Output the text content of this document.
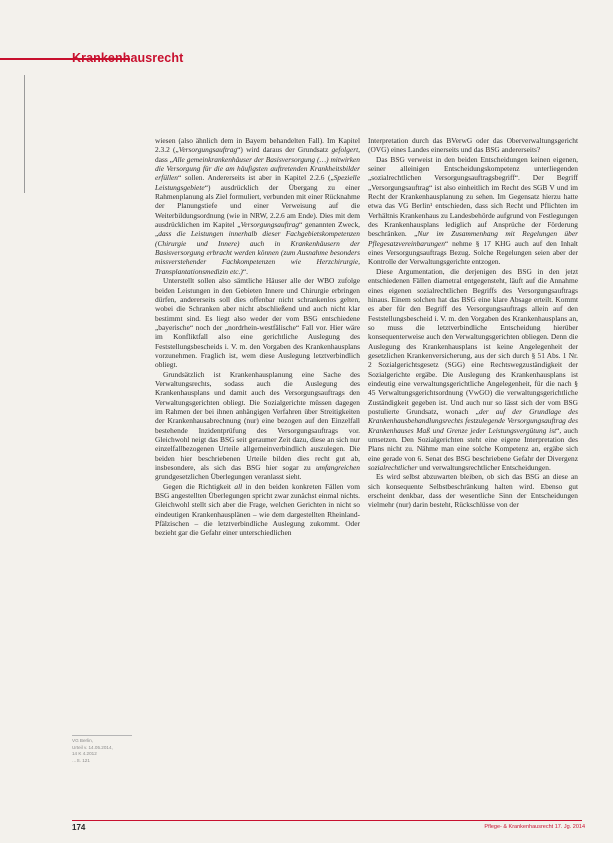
Krankenhausrecht

wiesen (also ähnlich dem in Bayern behandelten Fall). Im Kapitel 2.3.2 („Versorgungsauftrag“) wird daraus der Grundsatz gefolgert, dass „Alle gemeinkrankenhäuser der Basisversorgung (…) mitwirken die Versorgung für die am häufigsten auftretenden Krankheitsbilder erfüllen“ sollen. Andererseits ist aber in Kapitel 2.2.6 („Spezielle Leistungsgebiete“) ausdrücklich der Übergang zu einer Rahmenplanung als Ziel formuliert, verbunden mit einer Rücknahme der Planungstiefe und einer Verweisung auf die Weiterbildungsordnung (wie in NRW, 2.2.6 am Ende). Dies mit dem ausdrücklichen im Kapitel „Versorgungsauftrag“ genannten Zweck, „dass die Leistungen innerhalb dieser Fachgebietskompetenzen (Chirurgie und Innere) auch in Krankenhäusern der Basisversorgung erbracht werden können (zum Ausnahme besonders missverstehender Fachkompetenzen wie Herzchirurgie, Transplantationsmedizin etc.)“.

Unterstellt sollen also sämtliche Häuser alle der WBO zufolge beiden Leistungen in den Gebieten Innere und Chirurgie erbringen dürfen, andererseits soll dies offenbar nicht schrankenlos gelten, wobei die Schranken aber nicht abschließend und auch nicht klar bestimmt sind. Es liegt also weder der vom BSG entschiedene „bayerische“ noch der „nordrhein-westfälische“ Fall vor. Hier wäre im Konfliktfall also eine gerichtliche Auslegung des Feststellungsbescheids i. V. m. den Vorgaben des Krankenhausplans vorzunehmen. Fraglich ist, wem diese Auslegung letztverbindlich obliegt.

Grundsätzlich ist Krankenhausplanung eine Sache des Verwaltungsrechts, sodass auch die Auslegung des Krankenhausplans und damit auch des Versorgungsauftrags den Verwaltungsgerichten obliegt. Die Sozialgerichte müssen dagegen im Rahmen der bei ihnen anhängigen Verfahren über Streitigkeiten der Krankenhausabrechnung (nur) eine bezogen auf den Einzelfall bestehende Inzidentprüfung des Versorgungsauftrags vor. Gleichwohl neigt das BSG seit geraumer Zeit dazu, diese an sich nur einzelfallbezogenen Urteile allgemeinverbindlich auszulegen. Die beiden hier beschriebenen Urteile bilden dies recht gut ab, insbesondere, als sich das BSG hier sogar zu umfangreichen grundgesetzlichen Überlegungen veranlasst sieht.

Gegen die Richtigkeit all in den beiden konkreten Fällen vom BSG angestellten Überlegungen spricht zwar zunächst einmal nichts. Gleichwohl stellt sich aber die Frage, welchen Gerichten in nicht so eindeutigen Krankenhausplänen – wie dem dargestellten Rheinland-Pfälzischen – die letztverbindliche Auslegung zukommt. Oder bezieht gar die Gefahr einer unterschiedlichen

Interpretation durch das BVerwG oder das Oberverwaltungsgericht (OVG) eines Landes einerseits und das BSG andererseits?

Das BSG verweist in den beiden Entscheidungen keinen eigenen, seiner alleinigen Entscheidungskompetenz unterliegenden „sozialrechtlichen Versorgungsauftragsbegriff“. Der Begriff „Versorgungsauftrag“ ist also einheitlich im Recht des SGB V und im Recht der Krankenhausplanung zu sehen. Im Gegensatz hierzu hatte etwa das VG Berlin¹ entschieden, dass sich Recht und Pflichten im Verhältnis Krankenhaus zu Landesbehörde aufgrund von Festlegungen des Krankenhausplans lediglich auf Ansprüche der Förderung beschränken. „Nur im Zusammenhang mit Regelungen über Pflegesatzvereinbarungen“ nehme § 17 KHG auch auf den Inhalt eines Versorgungsauftrags Bezug. Solche Regelungen seien aber der Kontrolle der Verwaltungsgerichte entzogen.

Diese Argumentation, die derjenigen des BSG in den jetzt entschiedenen Fällen diametral entgegensteht, läuft auf die Annahme eines eigenen sozialrechtlichen Begriffs des Versorgungsauftrags hinaus. Einem solchen hat das BSG eine klare Absage erteilt. Kommt es aber für den Begriff des Versorgungsauftrags allein auf den Feststellungsbescheid i. V. m. den Vorgaben des Krankenhausplans an, so muss die letztverbindliche Entscheidung hierüber konsequenterweise auch den Verwaltungsgerichten obliegen. Denn die Auslegung des Krankenhausplans ist keine Angelegenheit der gesetzlichen Krankenversicherung, aus der sich durch § 51 Abs. 1 Nr. 2 Sozialgerichtsgesetz (SGG) eine Rechtswegzuständigkeit der Sozialgerichte ergäbe. Die Auslegung des Krankenhausplans ist eindeutig eine verwaltungsgerichtliche Angelegenheit, für die nach § 45 Verwaltungsgerichtsordnung (VwGO) die verwaltungsgerichtliche Zuständigkeit gegeben ist. Und auch nur so lässt sich der vom BSG postulierte Grundsatz, wonach „der auf der Grundlage des Krankenhausbehandlungsrechts festzulegende Versorgungsauftrag des Krankenhauses Maß und Grenze jeder Leistungsvergütung ist“, auch umsetzen. Den Sozialgerichten steht eine eigene Interpretation des Plans nicht zu. Nähme man eine solche Kompetenz an, ergäbe sich eine gerade von 6. Senat des BSG beschriebene Gefahr der Divergenz sozialrechtlicher und verwaltungsrechtlicher Entscheidungen.

Es wird selbst abzuwarten bleiben, ob sich das BSG an diese an sich konsequente Selbstbeschränkung halten wird. Ebenso gut erscheint denkbar, dass der wesentliche Sinn der Entscheidungen vielmehr (nur) darin besteht, Rückschlüsse von der

VG Berlin,
Urteil v. 14.05.2014,
14 K 4.2012
…S. 121
174	Pflege- & Krankenhausrecht 17. Jg. 2014
